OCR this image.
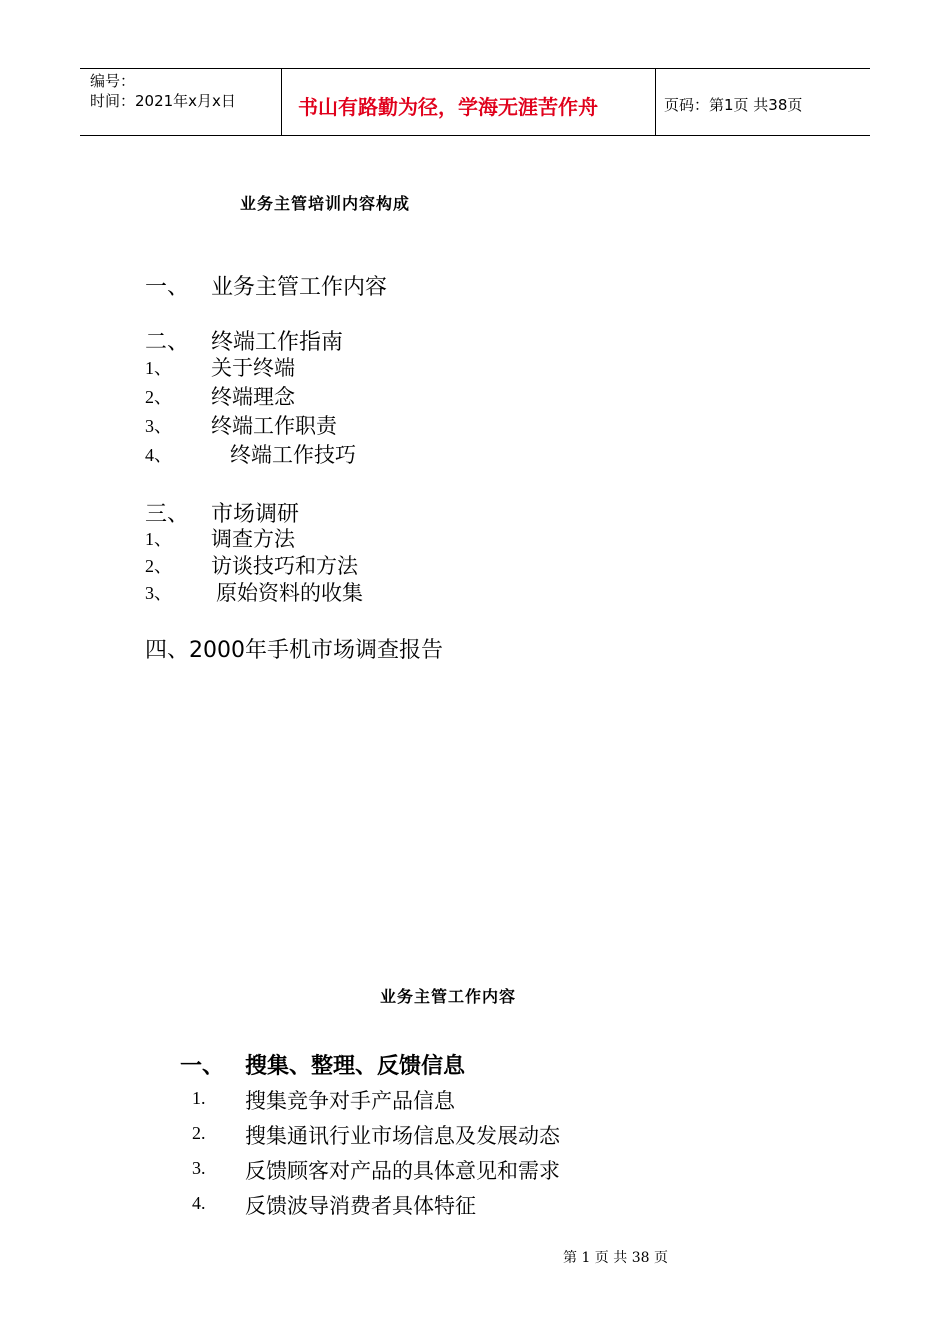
编号：
时间：2021年x月x日	书山有路勤为径，学海无涯苦作舟	页码：第1页 共38页
业务主管培训内容构成
一、 业务主管工作内容
二、 终端工作指南
1、 关于终端
2、 终端理念
3、 终端工作职责
4、	终端工作技巧
三、 市场调研
1、 调查方法
2、 访谈技巧和方法
3、 原始资料的收集
四、2000年手机市场调查报告
业务主管工作内容
一、 搜集、整理、反馈信息
1. 搜集竞争对手产品信息
2. 搜集通讯行业市场信息及发展动态
3. 反馈顾客对产品的具体意见和需求
4. 反馈波导消费者具体特征
第 1 页 共 38 页
